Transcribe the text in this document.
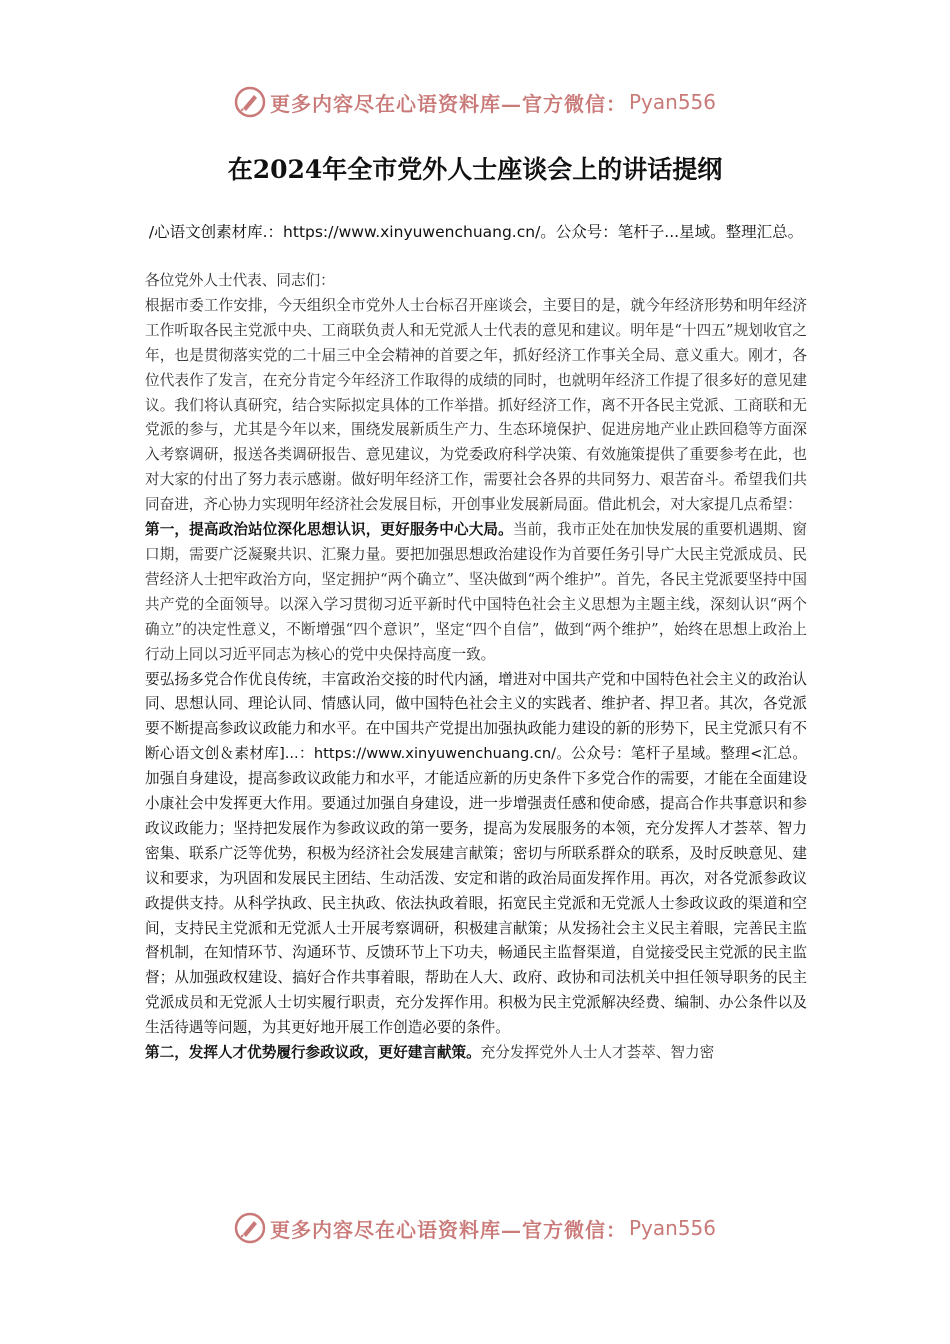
更多内容尽在心语资料库—官方微信： Pyan556
在2024年全市党外人士座谈会上的讲话提纲
/心语文创素材库.：https://www.xinyuwenchuang.cn/。公众号：笔杆子...星域。整理汇总。

各位党外人士代表、同志们：

根据市委工作安排，今天组织全市党外人士台标召开座谈会，主要目的是，就今年经济形势和明年经济工作听取各民主党派中央、工商联负责人和无党派人士代表的意见和建议。明年是“十四五”规划收官之年，也是贯彻落实党的二十届三中全会精神的首要之年，抓好经济工作事关全局、意义重大。刚才，各位代表作了发言，在充分肯定今年经济工作取得的成绩的同时，也就明年经济工作提了很多好的意见建议。我们将认真研究，结合实际拟定具体的工作举措。抓好经济工作，离不开各民主党派、工商联和无党派的参与，尤其是今年以来，围绕发展新质生产力、生态环境保护、促进房地产业止跌回稳等方面深入考察调研，报送各类调研报告、意见建议，为党委政府科学决策、有效施策提供了重要参考在此，也对大家的付出了努力表示感谢。做好明年经济工作，需要社会各界的共同努力、艰苦奋斗。希望我们共同奋进，齐心协力实现明年经济社会发展目标，开创事业发展新局面。借此机会，对大家提几点希望：

第一，提高政治站位深化思想认识，更好服务中心大局。当前，我市正处在加快发展的重要机遇期、窗口期，需要广泛凝聚共识、汇聚力量。要把加强思想政治建设作为首要任务引导广大民主党派成员、民营经济人士把牢政治方向，坚定拥护“两个确立”、坚决做到“两个维护”。首先，各民主党派要坚持中国共产党的全面领导。以深入学习贯彻习近平新时代中国特色社会主义思想为主题主线，深刻认识“两个确立”的决定性意义，不断增强“四个意识”，坚定“四个自信”，做到“两个维护”，始终在思想上政治上行动上同以习近平同志为核心的党中央保持高度一致。

要弘扬多党合作优良传统，丰富政治交接的时代内涵，增进对中国共产党和中国特色社会主义的政治认同、思想认同、理论认同、情感认同，做中国特色社会主义的实践者、维护者、捍卫者。其次，各党派要不断提高参政议政能力和水平。在中国共产党提出加强执政能力建设的新的形势下，民主党派只有不断心语文创＆素材库]...：https://www.xinyuwenchuang.cn/。公众号：笔杆子星域。整理<汇总。加强自身建设，提高参政议政能力和水平，才能适应新的历史条件下多党合作的需要，才能在全面建设小康社会中发挥更大作用。要通过加强自身建设，进一步增强责任感和使命感，提高合作共事意识和参政议政能力；坚持把发展作为参政议政的第一要务，提高为发展服务的本领，充分发挥人才荟萃、智力密集、联系广泛等优势，积极为经济社会发展建言献策；密切与所联系群众的联系，及时反映意见、建议和要求，为巩固和发展民主团结、生动活泼、安定和谐的政治局面发挥作用。再次，对各党派参政议政提供支持。从科学执政、民主执政、依法执政着眼，拓宽民主党派和无党派人士参政议政的渠道和空间，支持民主党派和无党派人士开展考察调研，积极建言献策；从发扬社会主义民主着眼，完善民主监督机制，在知情环节、沟通环节、反馈环节上下功夫，畅通民主监督渠道，自觉接受民主党派的民主监督；从加强政权建设、搞好合作共事着眼，帮助在人大、政府、政协和司法机关中担任领导职务的民主党派成员和无党派人士切实履行职责，充分发挥作用。积极为民主党派解决经费、编制、办公条件以及生活待遇等问题，为其更好地开展工作创造必要的条件。

第二，发挥人才优势履行参政议政，更好建言献策。充分发挥党外人士人才荟萃、智力密

更多内容尽在心语资料库—官方微信： Pyan556
